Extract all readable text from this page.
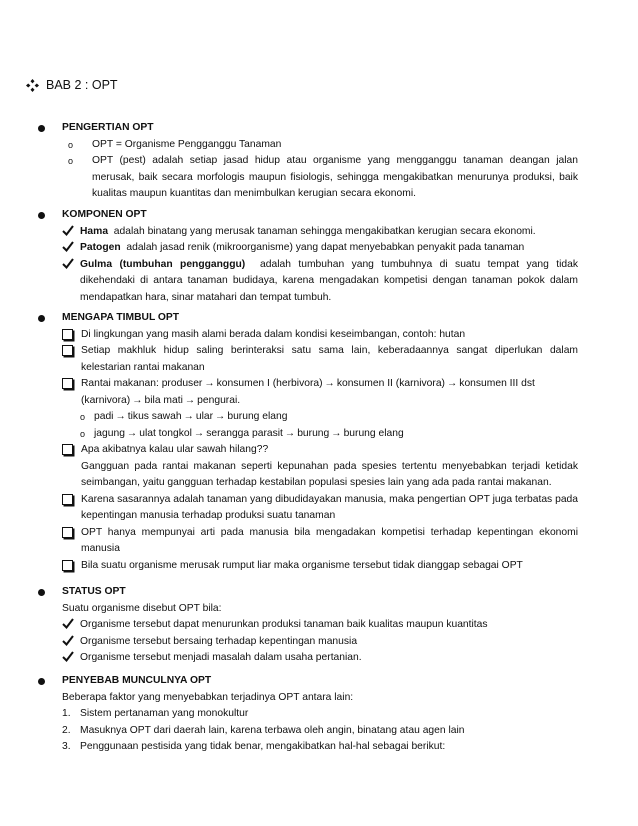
BAB 2 : OPT
PENGERTIAN OPT
o	OPT = Organisme Pengganggu Tanaman
o	OPT (pest) adalah setiap jasad hidup atau organisme yang mengganggu tanaman deangan jalan merusak, baik secara morfologis maupun fisiologis, sehingga mengakibatkan menurunya produksi, baik kualitas maupun kuantitas dan menimbulkan kerugian secara ekonomi.
KOMPONEN OPT
Hama adalah binatang yang merusak tanaman sehingga mengakibatkan kerugian secara ekonomi.
Patogen adalah jasad renik (mikroorganisme) yang dapat menyebabkan penyakit pada tanaman
Gulma (tumbuhan pengganggu) adalah tumbuhan yang tumbuhnya di suatu tempat yang tidak dikehendaki di antara tanaman budidaya, karena mengadakan kompetisi dengan tanaman pokok dalam mendapatkan hara, sinar matahari dan tempat tumbuh.
MENGAPA TIMBUL OPT
Di lingkungan yang masih alami berada dalam kondisi keseimbangan, contoh: hutan
Setiap makhluk hidup saling berinteraksi satu sama lain, keberadaannya sangat diperlukan dalam kelestarian rantai makanan
Rantai makanan: produser → konsumen I (herbivora) → konsumen II (karnivora) → konsumen III dst
(karnivora) → bila mati → pengurai.
o padi → tikus sawah → ular → burung elang
o jagung → ulat tongkol → serangga parasit → burung → burung elang
Apa akibatnya kalau ular sawah hilang??
Gangguan pada rantai makanan seperti kepunahan pada spesies tertentu menyebabkan terjadi ketidak seimbangan, yaitu gangguan terhadap kestabilan populasi spesies lain yang ada pada rantai makanan.
Karena sasarannya adalah tanaman yang dibudidayakan manusia, maka pengertian OPT juga terbatas pada kepentingan manusia terhadap produksi suatu tanaman
OPT hanya mempunyai arti pada manusia bila mengadakan kompetisi terhadap kepentingan ekonomi manusia
Bila suatu organisme merusak rumput liar maka organisme tersebut tidak dianggap sebagai OPT
STATUS OPT
Suatu organisme disebut OPT bila:
Organisme tersebut dapat menurunkan produksi tanaman baik kualitas maupun kuantitas
Organisme tersebut bersaing terhadap kepentingan manusia
Organisme tersebut menjadi masalah dalam usaha pertanian.
PENYEBAB MUNCULNYA OPT
Beberapa faktor yang menyebabkan terjadinya OPT antara lain:
1. Sistem pertanaman yang monokultur
2. Masuknya OPT dari daerah lain, karena terbawa oleh angin, binatang atau agen lain
3. Penggunaan pestisida yang tidak benar, mengakibatkan hal-hal sebagai berikut:
